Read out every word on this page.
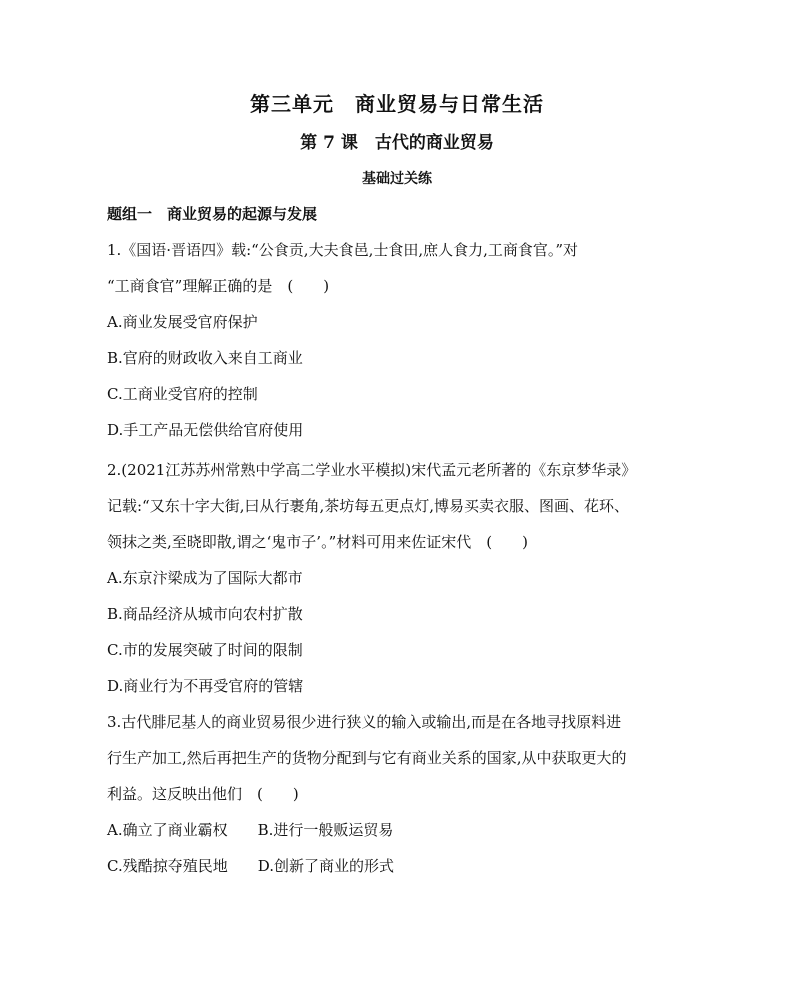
第三单元　商业贸易与日常生活
第 7 课　古代的商业贸易
基础过关练
题组一　商业贸易的起源与发展
1.《国语·晋语四》载:“公食贡,大夫食邑,士食田,庶人食力,工商食官。”对
“工商食官”理解正确的是　(　　)
A.商业发展受官府保护
B.官府的财政收入来自工商业
C.工商业受官府的控制
D.手工产品无偿供给官府使用
2.(2021江苏苏州常熟中学高二学业水平模拟)宋代孟元老所著的《东京梦华录》
记载:“又东十字大街,曰从行裹角,茶坊每五更点灯,博易买卖衣服、图画、花环、
领抹之类,至晓即散,谓之‘鬼市子’。”材料可用来佐证宋代　(　　)
A.东京汴梁成为了国际大都市
B.商品经济从城市向农村扩散
C.市的发展突破了时间的限制
D.商业行为不再受官府的管辖
3.古代腓尼基人的商业贸易很少进行狭义的输入或输出,而是在各地寻找原料进
行生产加工,然后再把生产的货物分配到与它有商业关系的国家,从中获取更大的
利益。这反映出他们　(　　)
A.确立了商业霸权 B.进行一般贩运贸易
C.残酷掠夺殖民地 D.创新了商业的形式
